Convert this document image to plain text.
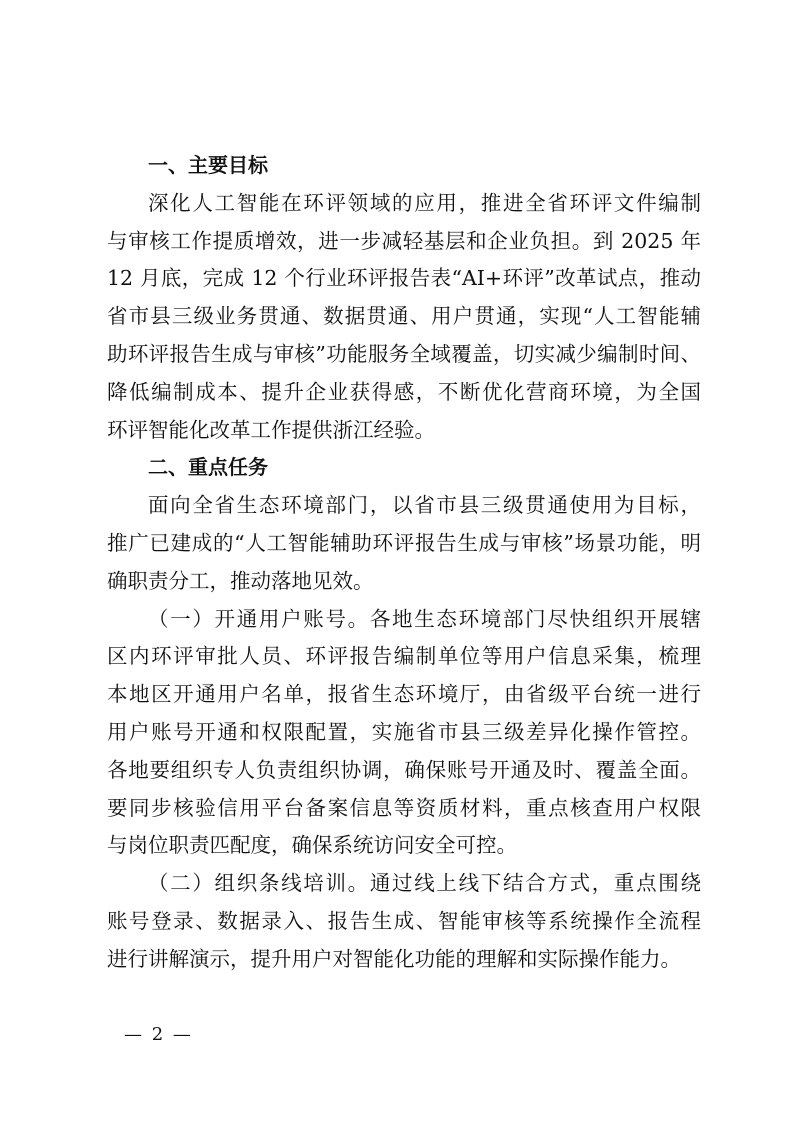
一、主要目标
深化人工智能在环评领域的应用，推进全省环评文件编制
与审核工作提质增效，进一步减轻基层和企业负担。到 2025 年
12 月底，完成 12 个行业环评报告表“AI+环评”改革试点，推动
省市县三级业务贯通、数据贯通、用户贯通，实现“人工智能辅
助环评报告生成与审核”功能服务全域覆盖，切实减少编制时间、
降低编制成本、提升企业获得感，不断优化营商环境，为全国
环评智能化改革工作提供浙江经验。
二、重点任务
面向全省生态环境部门，以省市县三级贯通使用为目标，
推广已建成的“人工智能辅助环评报告生成与审核”场景功能，明
确职责分工，推动落地见效。
（一）开通用户账号。各地生态环境部门尽快组织开展辖
区内环评审批人员、环评报告编制单位等用户信息采集，梳理
本地区开通用户名单，报省生态环境厅，由省级平台统一进行
用户账号开通和权限配置，实施省市县三级差异化操作管控。
各地要组织专人负责组织协调，确保账号开通及时、覆盖全面。
要同步核验信用平台备案信息等资质材料，重点核查用户权限
与岗位职责匹配度，确保系统访问安全可控。
（二）组织条线培训。通过线上线下结合方式，重点围绕
账号登录、数据录入、报告生成、智能审核等系统操作全流程
进行讲解演示，提升用户对智能化功能的理解和实际操作能力。
— 2 —
